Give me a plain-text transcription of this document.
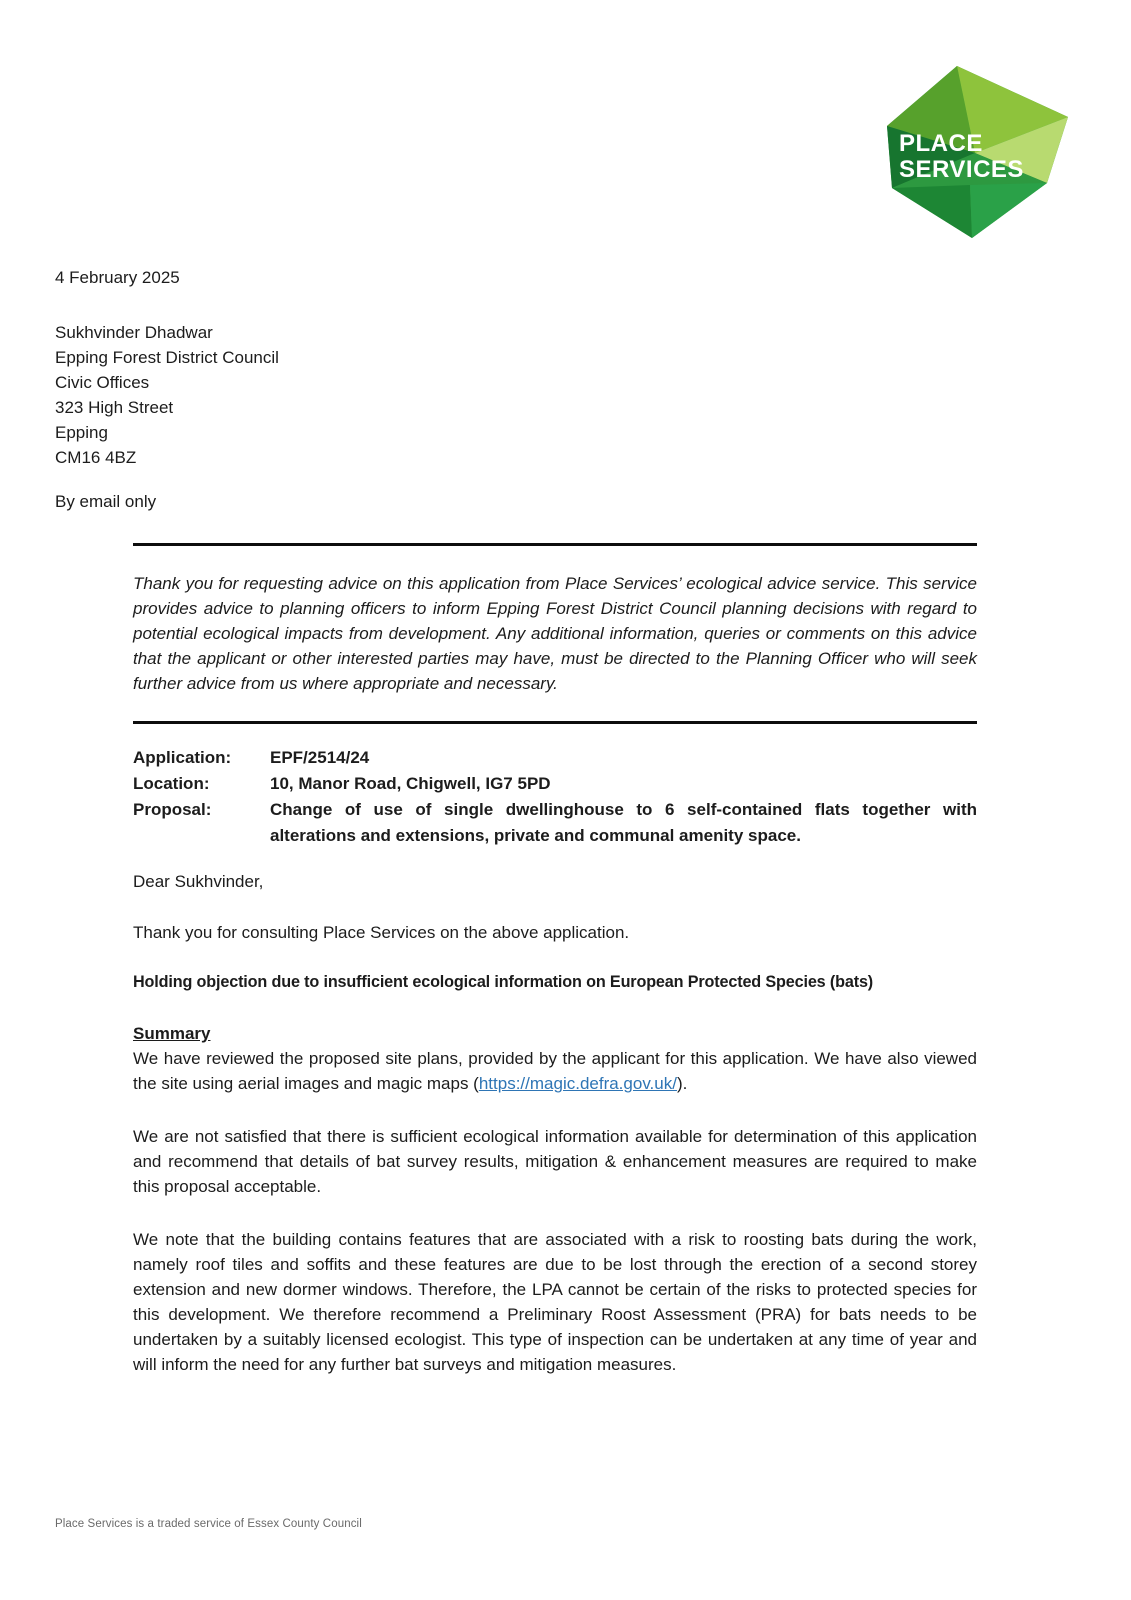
PLACE
SERVICES
4 February 2025
Sukhvinder Dhadwar
Epping Forest District Council
Civic Offices
323 High Street
Epping
CM16 4BZ
By email only
Thank you for requesting advice on this application from Place Services’ ecological advice service. This service provides advice to planning officers to inform Epping Forest District Council planning decisions with regard to potential ecological impacts from development. Any additional information, queries or comments on this advice that the applicant or other interested parties may have, must be directed to the Planning Officer who will seek further advice from us where appropriate and necessary.
Application:	EPF/2514/24
Location:	10, Manor Road, Chigwell, IG7 5PD
Proposal:	Change of use of single dwellinghouse to 6 self-contained flats together with alterations and extensions, private and communal amenity space.
Dear Sukhvinder,
Thank you for consulting Place Services on the above application.
Holding objection due to insufficient ecological information on European Protected Species (bats)
Summary
We have reviewed the proposed site plans, provided by the applicant for this application. We have also viewed the site using aerial images and magic maps (https://magic.defra.gov.uk/).
We are not satisfied that there is sufficient ecological information available for determination of this application and recommend that details of bat survey results, mitigation & enhancement measures are required to make this proposal acceptable.
We note that the building contains features that are associated with a risk to roosting bats during the work, namely roof tiles and soffits and these features are due to be lost through the erection of a second storey extension and new dormer windows. Therefore, the LPA cannot be certain of the risks to protected species for this development. We therefore recommend a Preliminary Roost Assessment (PRA) for bats needs to be undertaken by a suitably licensed ecologist. This type of inspection can be undertaken at any time of year and will inform the need for any further bat surveys and mitigation measures.
Place Services is a traded service of Essex County Council
